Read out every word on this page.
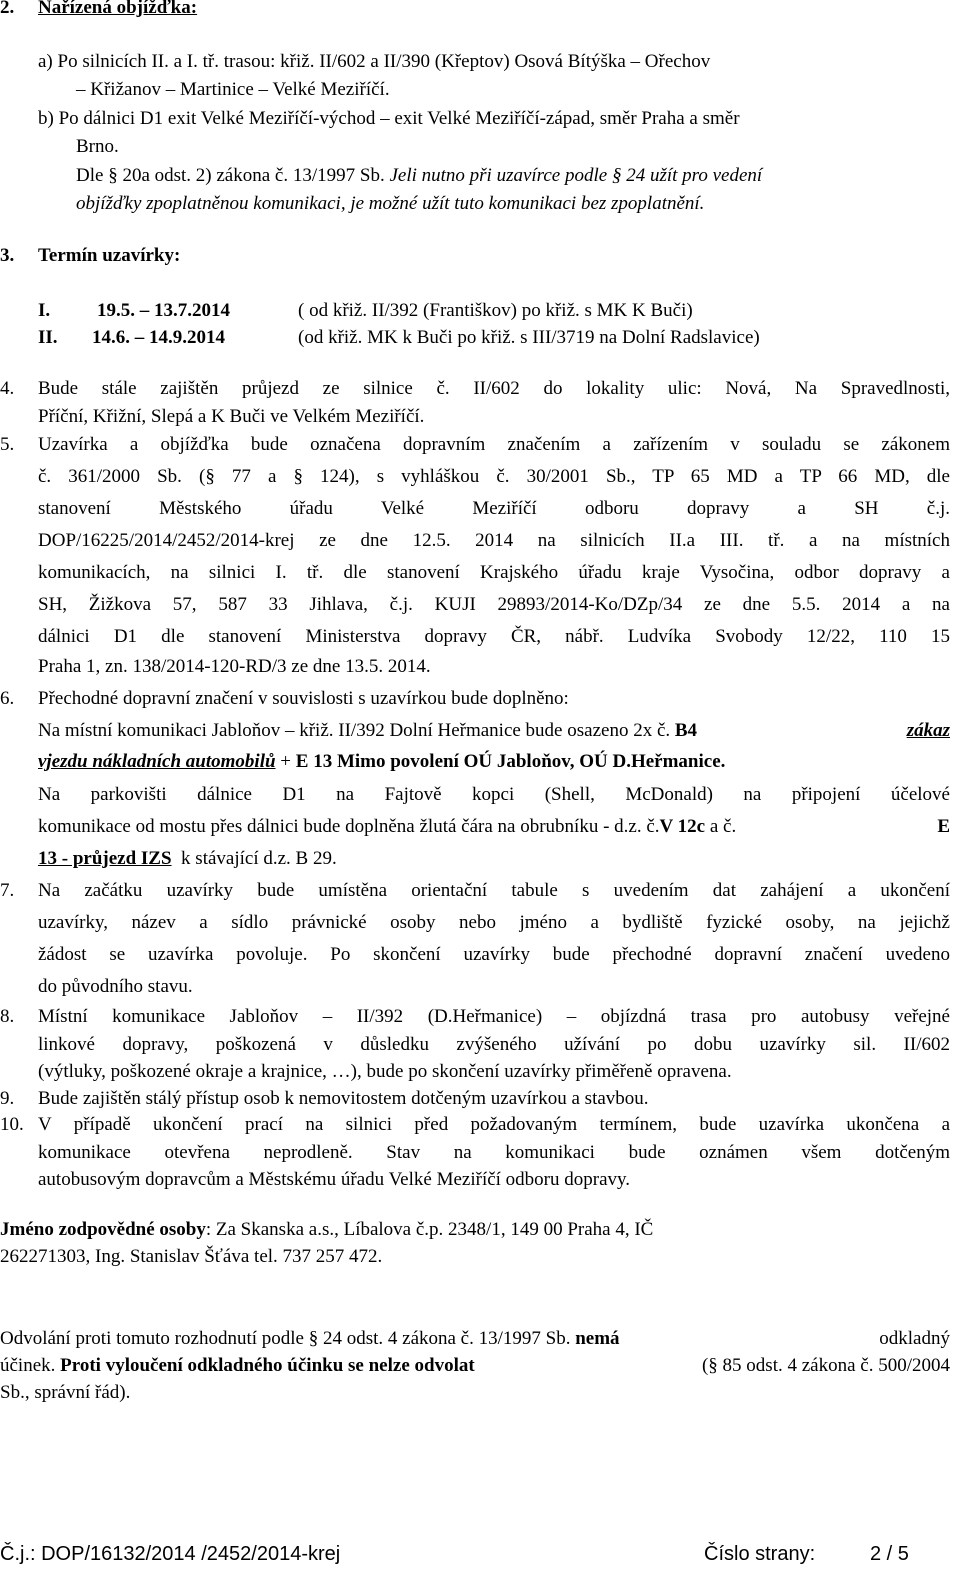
2. Nařízená objížďka:
a) Po silnicích II. a I. tř. trasou: křiž. II/602 a II/390 (Křeptov) Osová Bítýška – Ořechov
– Křižanov – Martinice – Velké Meziříčí.
b) Po dálnici D1 exit Velké Meziříčí-východ – exit Velké Meziříčí-západ, směr Praha a směr
Brno.
Dle § 20a odst. 2) zákona č. 13/1997 Sb. Jeli nutno při uzavírce podle § 24 užít pro vedení
objížďky zpoplatněnou komunikaci, je možné užít tuto komunikaci bez zpoplatnění.
3. Termín uzavírky:
I. 19.5. – 13.7.2014	( od křiž. II/392 (Františkov) po křiž. s MK K Buči)
II. 14.6. – 14.9.2014	(od křiž. MK k Buči po křiž. s III/3719 na Dolní Radslavice)
4. Bude stále zajištěn průjezd ze silnice č. II/602 do lokality ulic: Nová, Na Spravedlnosti,
Příční, Křižní, Slepá a K Buči ve Velkém Meziříčí.
5. Uzavírka a objížďka bude označena dopravním značením a zařízením v souladu se zákonem
č. 361/2000 Sb. (§ 77 a § 124), s vyhláškou č. 30/2001 Sb., TP 65 MD a TP 66 MD, dle
stanovení Městského úřadu Velké Meziříčí odboru dopravy a SH č.j.
DOP/16225/2014/2452/2014-krej ze dne 12.5. 2014 na silnicích II.a III. tř. a na místních
komunikacích, na silnici I. tř. dle stanovení Krajského úřadu kraje Vysočina, odbor dopravy a
SH, Žižkova 57, 587 33 Jihlava, č.j. KUJI 29893/2014-Ko/DZp/34 ze dne 5.5. 2014 a na
dálnici D1 dle stanovení Ministerstva dopravy ČR, nábř. Ludvíka Svobody 12/22, 110 15
Praha 1, zn. 138/2014-120-RD/3 ze dne 13.5. 2014.
6. Přechodné dopravní značení v souvislosti s uzavírkou bude doplněno:
Na místní komunikaci Jabloňov – křiž. II/392 Dolní Heřmanice bude osazeno 2x č. B4	zákaz
vjezdu nákladních automobilů + E 13 Mimo povolení OÚ Jabloňov, OÚ D.Heřmanice.
Na parkovišti dálnice D1 na Fajtově kopci (Shell, McDonald) na připojení účelové
komunikace od mostu přes dálnici bude doplněna žlutá čára na obrubníku - d.z. č. V 12c a č.	E
13 - průjezd IZS  k stávající d.z. B 29.
7. Na začátku uzavírky bude umístěna orientační tabule s uvedením dat zahájení a ukončení
uzavírky, název a sídlo právnické osoby nebo jméno a bydliště fyzické osoby, na jejichž
žádost se uzavírka povoluje. Po skončení uzavírky bude přechodné dopravní značení uvedeno
do původního stavu.
8. Místní komunikace Jabloňov – II/392 (D.Heřmanice) – objízdná trasa pro autobusy veřejné
linkové dopravy, poškozená v důsledku zvýšeného užívání po dobu uzavírky sil. II/602
(výtluky, poškozené okraje a krajnice, …), bude po skončení uzavírky přiměřeně opravena.
9. Bude zajištěn stálý přístup osob k nemovitostem dotčeným uzavírkou a stavbou.
10. V případě ukončení prací na silnici před požadovaným termínem, bude uzavírka ukončena a
komunikace otevřena neprodleně. Stav na komunikaci bude oznámen všem dotčeným
autobusovým dopravcům a Městskému úřadu Velké Meziříčí odboru dopravy.
Jméno zodpovědné osoby : Za Skanska a.s., Líbalova č.p. 2348/1, 149 00 Praha 4, IČ
262271303, Ing. Stanislav Šťáva tel. 737 257 472.
Odvolání proti tomuto rozhodnutí podle § 24 odst. 4 zákona č. 13/1997 Sb. nemá	odkladný
účinek. Proti vyloučení odkladného účinku se nelze odvolat	(§ 85 odst. 4 zákona č. 500/2004
Sb., správní řád).
Č.j.: DOP/16132/2014 /2452/2014-krej	Číslo strany:	2 / 5
